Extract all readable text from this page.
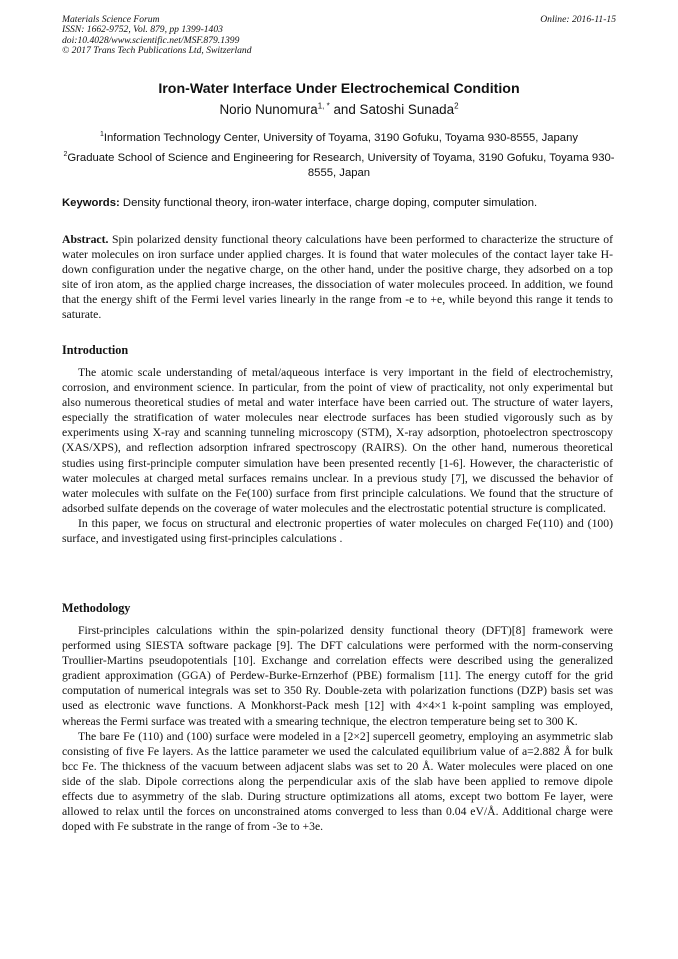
Materials Science Forum
ISSN: 1662-9752, Vol. 879, pp 1399-1403
doi:10.4028/www.scientific.net/MSF.879.1399
© 2017 Trans Tech Publications Ltd, Switzerland
Online: 2016-11-15
Iron-Water Interface Under Electrochemical Condition
Norio Nunomura$^{1, *}$ and Satoshi Sunada$^2$
$^1$Information Technology Center, University of Toyama, 3190 Gofuku, Toyama 930-8555, Japany
$^2$Graduate School of Science and Engineering for Research, University of Toyama, 3190 Gofuku, Toyama 930-8555, Japan
Keywords: Density functional theory, iron-water interface, charge doping, computer simulation.

Abstract. Spin polarized density functional theory calculations have been performed to characterize the structure of water molecules on iron surface under applied charges. It is found that water molecules of the contact layer take H-down configuration under the negative charge, on the other hand, under the positive charge, they adsorbed on a top site of iron atom, as the applied charge increases, the dissociation of water molecules proceed. In addition, we found that the energy shift of the Fermi level varies linearly in the range from -e to +e, while beyond this range it tends to saturate.

Introduction

The atomic scale understanding of metal/aqueous interface is very important in the field of electrochemistry, corrosion, and environment science. In particular, from the point of view of practicality, not only experimental but also numerous theoretical studies of metal and water interface have been carried out. The structure of water layers, especially the stratification of water molecules near electrode surfaces has been studied vigorously such as by experiments using X-ray and scanning tunneling microscopy (STM), X-ray adsorption, photoelectron spectroscopy (XAS/XPS), and reflection adsorption infrared spectroscopy (RAIRS). On the other hand, numerous theoretical studies using first-principle computer simulation have been presented recently [1-6]. However, the characteristic of water molecules at charged metal surfaces remains unclear. In a previous study [7], we discussed the behavior of water molecules with sulfate on the Fe(100) surface from first principle calculations. We found that the structure of adsorbed sulfate depends on the coverage of water molecules and the electrostatic potential structure is complicated.

In this paper, we focus on structural and electronic properties of water molecules on charged Fe(110) and (100) surface, and investigated using first-principles calculations .

Methodology

First-principles calculations within the spin-polarized density functional theory (DFT)[8] framework were performed using SIESTA software package [9]. The DFT calculations were performed with the norm-conserving Troullier-Martins pseudopotentials [10]. Exchange and correlation effects were described using the generalized gradient approximation (GGA) of Perdew-Burke-Ernzerhof (PBE) formalism [11]. The energy cutoff for the grid computation of numerical integrals was set to 350 Ry. Double-zeta with polarization functions (DZP) basis set was used as electronic wave functions. A Monkhorst-Pack mesh [12] with 4×4×1 k-point sampling was employed, whereas the Fermi surface was treated with a smearing technique, the electron temperature being set to 300 K.

The bare Fe (110) and (100) surface were modeled in a [2×2] supercell geometry, employing an asymmetric slab consisting of five Fe layers. As the lattice parameter we used the calculated equilibrium value of a=2.882 Å for bulk bcc Fe. The thickness of the vacuum between adjacent slabs was set to 20 Å. Water molecules were placed on one side of the slab. Dipole corrections along the perpendicular axis of the slab have been applied to remove dipole effects due to asymmetry of the slab. During structure optimizations all atoms, except two bottom Fe layer, were allowed to relax until the forces on unconstrained atoms converged to less than 0.04 eV/Å. Additional charge were doped with Fe substrate in the range of from -3e to +3e.
